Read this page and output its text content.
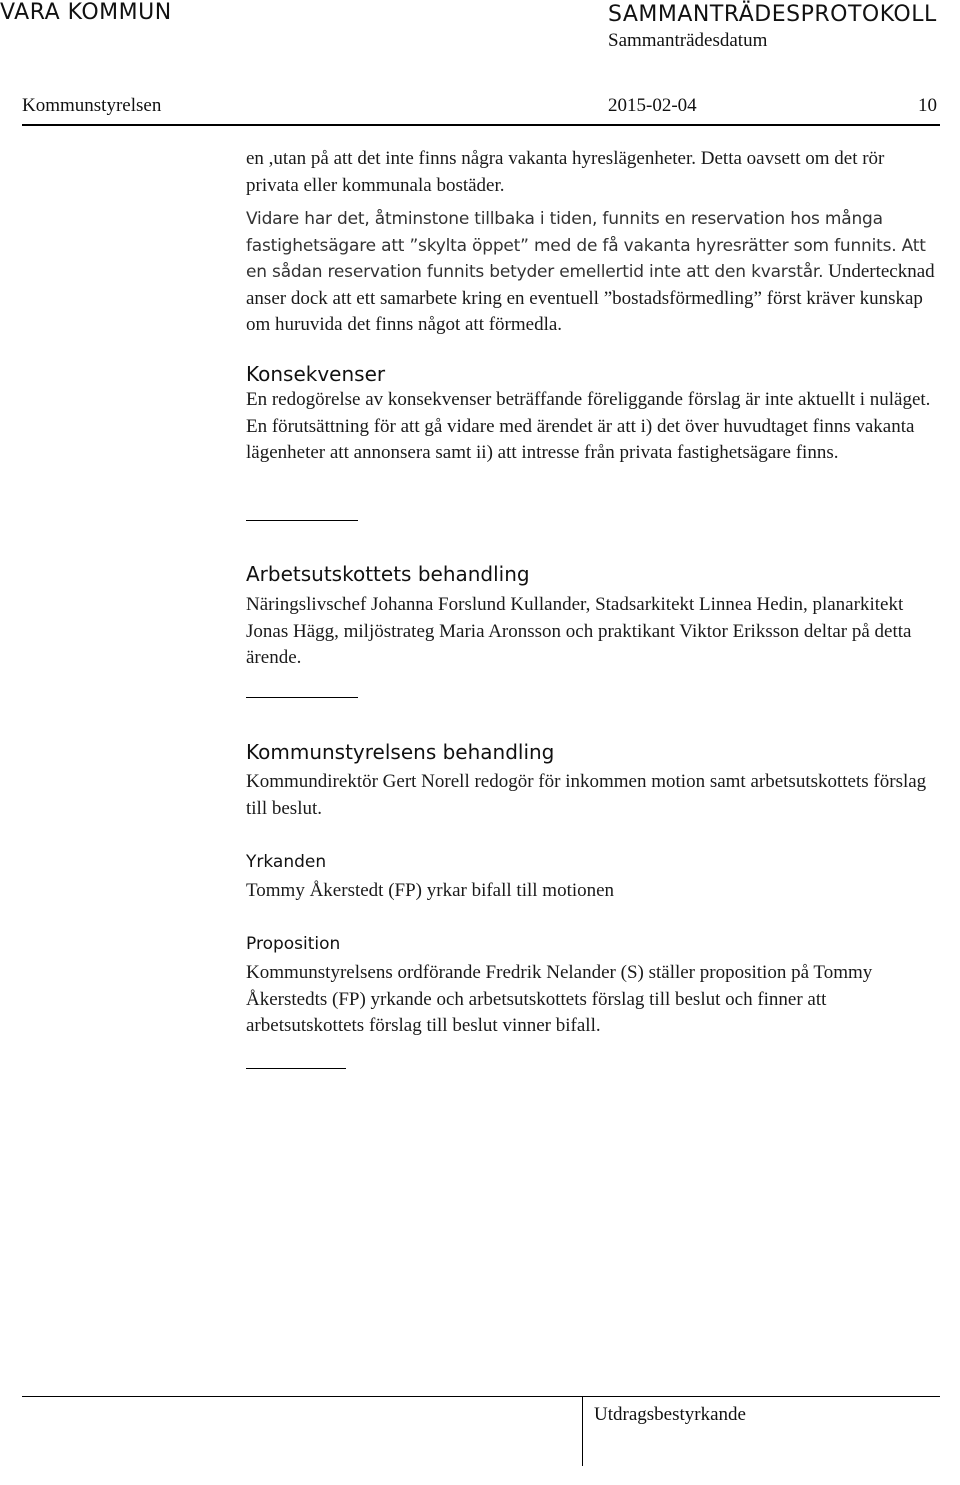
VARA KOMMUN	SAMMANTRÄDESPROTOKOLL
Sammanträdesdatum
Kommunstyrelsen	2015-02-04	10

en ,utan på att det inte finns några vakanta hyreslägenheter. Detta oavsett om det rör privata eller kommunala bostäder.

Vidare har det, åtminstone tillbaka i tiden, funnits en reservation hos många fastighetsägare att ”skylta öppet” med de få vakanta hyresrätter som funnits. Att en sådan reservation funnits betyder emellertid inte att den kvarstår. Undertecknad anser dock att ett samarbete kring en eventuell ”bostadsförmedling” först kräver kunskap om huruvida det finns något att förmedla.

Konsekvenser

En redogörelse av konsekvenser beträffande föreliggande förslag är inte aktuellt i nuläget. En förutsättning för att gå vidare med ärendet är att i) det över huvudtaget finns vakanta lägenheter att annonsera samt ii) att intresse från privata fastighetsägare finns.

Arbetsutskottets behandling

Näringslivschef Johanna Forslund Kullander, Stadsarkitekt Linnea Hedin, planarkitekt Jonas Hägg, miljöstrateg Maria Aronsson och praktikant Viktor Eriksson deltar på detta ärende.

Kommunstyrelsens behandling

Kommundirektör Gert Norell redogör för inkommen motion samt arbetsutskottets förslag till beslut.

Yrkanden

Tommy Åkerstedt (FP) yrkar bifall till motionen

Proposition

Kommunstyrelsens ordförande Fredrik Nelander (S) ställer proposition på Tommy Åkerstedts (FP) yrkande och arbetsutskottets förslag till beslut och finner att arbetsutskottets förslag till beslut vinner bifall.

Utdragsbestyrkande
